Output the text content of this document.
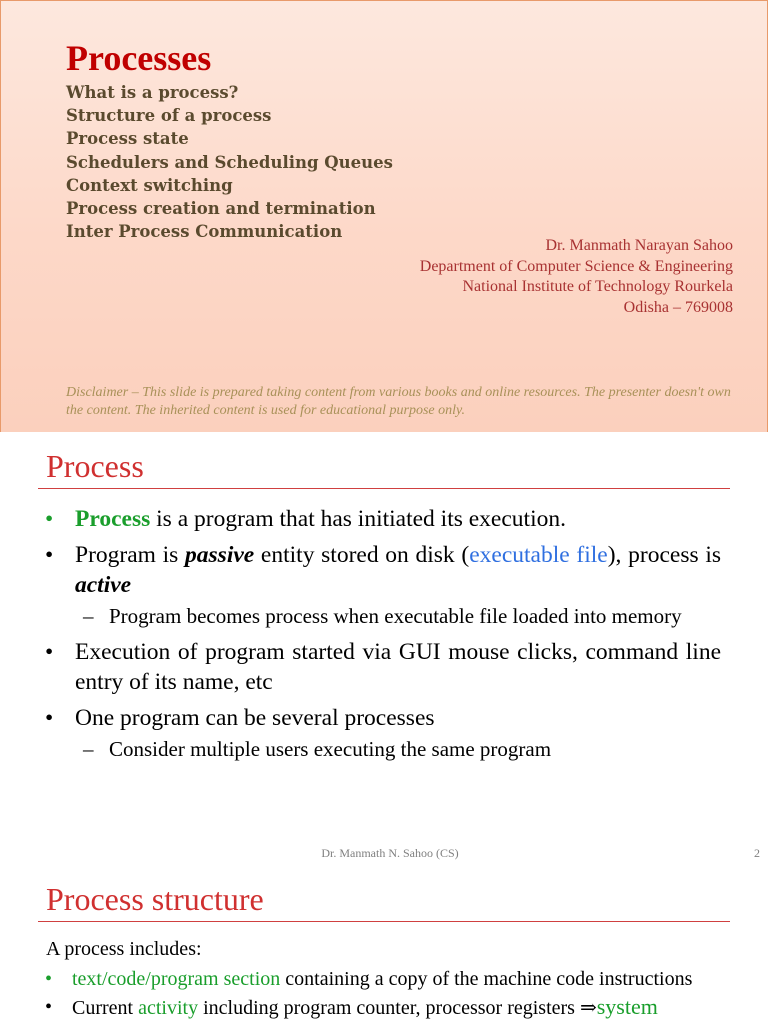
Processes
What is a process?
Structure of a process
Process state
Schedulers and Scheduling Queues
Context switching
Process creation and termination
Inter Process Communication
Dr. Manmath Narayan Sahoo
Department of Computer Science & Engineering
National Institute of Technology Rourkela
Odisha – 769008
Disclaimer – This slide is prepared taking content from various books and online resources. The presenter doesn't own the content. The inherited content is used for educational purpose only.
Process
• Process is a program that has initiated its execution.
• Program is passive entity stored on disk (executable file), process is active
– Program becomes process when executable file loaded into memory
• Execution of program started via GUI mouse clicks, command line entry of its name, etc
• One program can be several processes
– Consider multiple users executing the same program
Dr. Manmath N. Sahoo (CS)	2
Process structure
A process includes:
• text/code/program section containing a copy of the machine code instructions
• Current activity including program counter, processor registers ⇒system
